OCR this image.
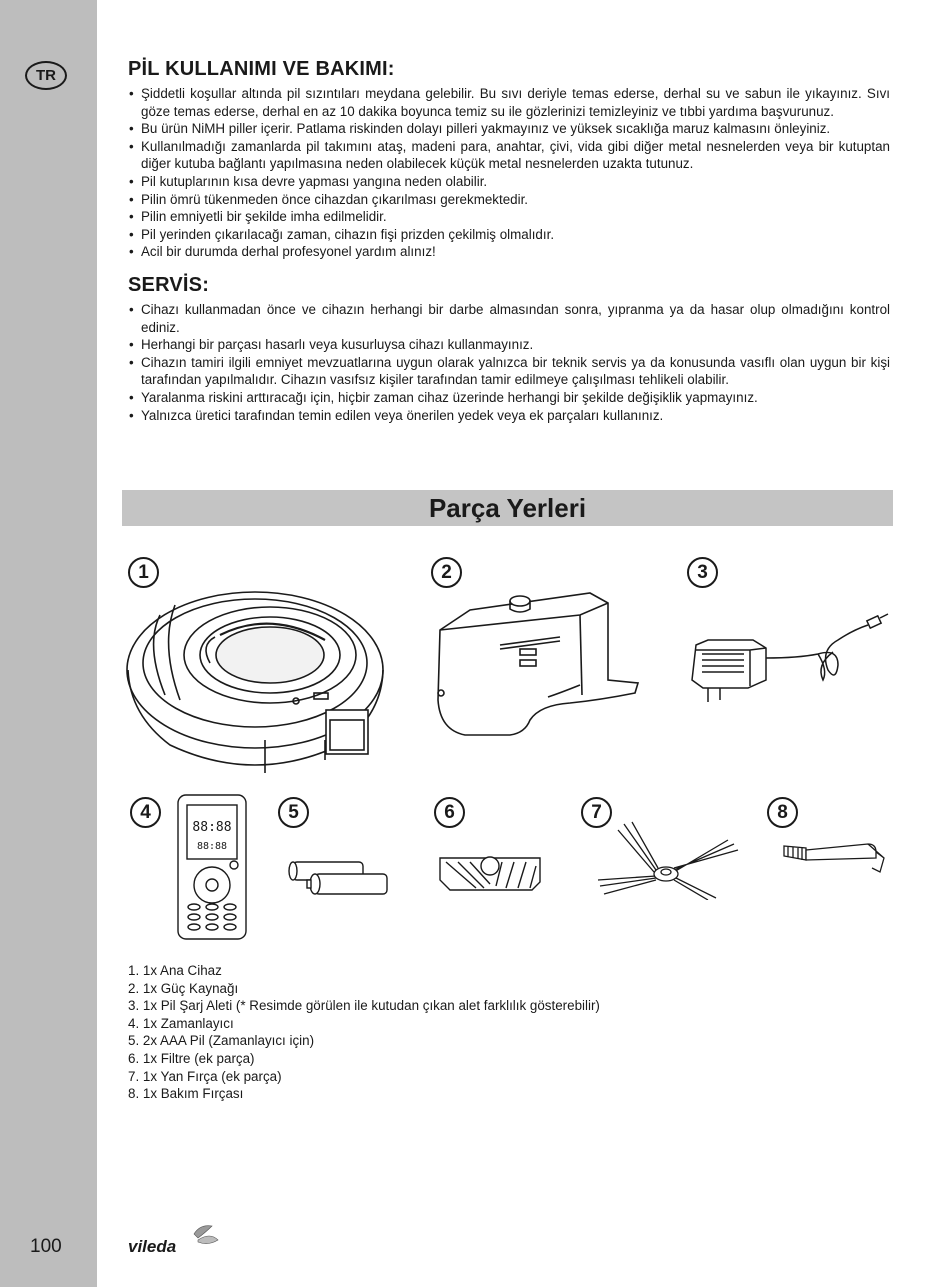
TR
100
PİL KULLANIMI VE BAKIMI:
• Şiddetli koşullar altında pil sızıntıları meydana gelebilir. Bu sıvı deriyle temas ederse, derhal su ve sabun ile yıkayınız. Sıvı göze temas ederse, derhal en az 10 dakika boyunca temiz su ile gözlerinizi temizleyiniz ve tıbbi yardıma başvurunuz.
• Bu ürün NiMH piller içerir. Patlama riskinden dolayı pilleri yakmayınız ve yüksek sıcaklığa maruz kalmasını önleyiniz.
• Kullanılmadığı zamanlarda pil takımını ataş, madeni para, anahtar, çivi, vida gibi diğer metal nesnelerden veya bir kutuptan diğer kutuba bağlantı yapılmasına neden olabilecek küçük metal nesnelerden uzakta tutunuz.
• Pil kutuplarının kısa devre yapması yangına neden olabilir.
• Pilin ömrü tükenmeden önce cihazdan çıkarılması gerekmektedir.
• Pilin emniyetli bir şekilde imha edilmelidir.
• Pil yerinden çıkarılacağı zaman, cihazın fişi prizden çekilmiş olmalıdır.
• Acil bir durumda derhal profesyonel yardım alınız!
SERVİS:
• Cihazı kullanmadan önce ve cihazın herhangi bir darbe almasından sonra, yıpranma ya da hasar olup olmadığını kontrol ediniz.
• Herhangi bir parçası hasarlı veya kusurluysa cihazı kullanmayınız.
• Cihazın tamiri ilgili emniyet mevzuatlarına uygun olarak yalnızca bir teknik servis ya da konusunda vasıflı olan uygun bir kişi tarafından yapılmalıdır. Cihazın vasıfsız kişiler tarafından tamir edilmeye çalışılması tehlikeli olabilir.
• Yaralanma riskini arttıracağı için, hiçbir zaman cihaz üzerinde herhangi bir şekilde değişiklik yapmayınız.
• Yalnızca üretici tarafından temin edilen veya önerilen yedek veya ek parçaları kullanınız.
Parça Yerleri
1	2	3
4
88:88
88:88
5	6	7	8
1. 1x Ana Cihaz
2. 1x Güç Kaynağı
3. 1x Pil Şarj Aleti (* Resimde görülen ile kutudan çıkan alet farklılık gösterebilir)
4. 1x Zamanlayıcı
5. 2x AAA Pil (Zamanlayıcı için)
6. 1x Filtre (ek parça)
7. 1x Yan Fırça (ek parça)
8. 1x Bakım Fırçası
vileda
